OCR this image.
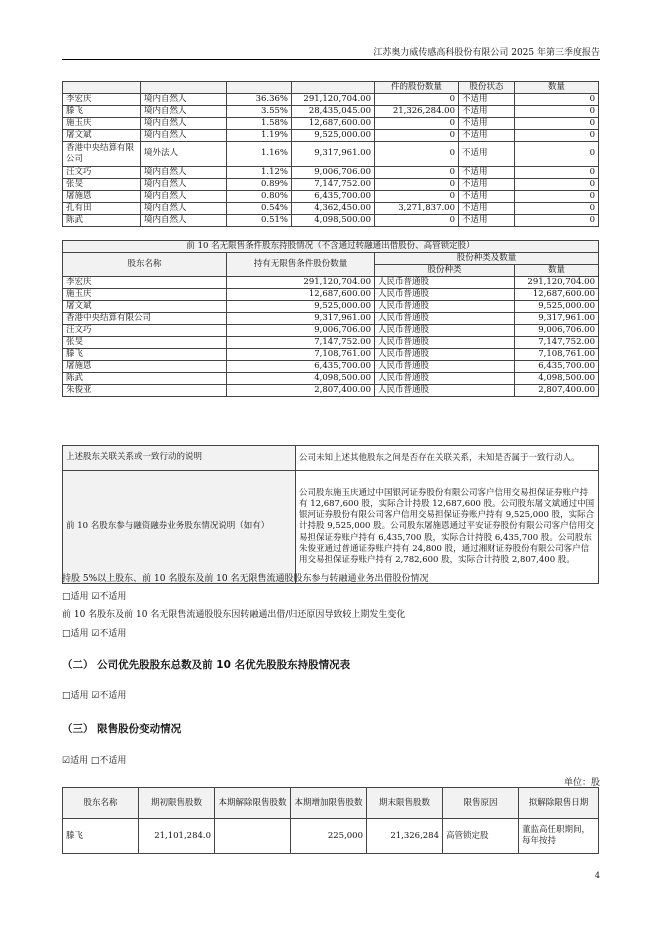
江苏奥力威传感高科股份有限公司 2025 年第三季度报告
				件的股份数量	股份状态	数量
李宏庆	境内自然人	36.36%	291,120,704.00	0	不适用	0
滕飞	境内自然人	3.55%	28,435,045.00	21,326,284.00	不适用	0
施玉庆	境内自然人	1.58%	12,687,600.00	0	不适用	0
屠文斌	境内自然人	1.19%	9,525,000.00	0	不适用	0
香港中央结算有限公司	境外法人	1.16%	9,317,961.00	0	不适用	0
汪文巧	境内自然人	1.12%	9,006,706.00	0	不适用	0
张旻	境内自然人	0.89%	7,147,752.00	0	不适用	0
屠施恩	境内自然人	0.80%	6,435,700.00	0	不适用	0
孔有田	境内自然人	0.54%	4,362,450.00	3,271,837.00	不适用	0
陈武	境内自然人	0.51%	4,098,500.00	0	不适用	0
前 10 名无限售条件股东持股情况（不含通过转融通出借股份、高管锁定股）			
股东名称	持有无限售条件股份数量	股份种类及数量	
		股份种类	数量
李宏庆	291,120,704.00	人民币普通股	291,120,704.00
施玉庆	12,687,600.00	人民币普通股	12,687,600.00
屠文斌	9,525,000.00	人民币普通股	9,525,000.00
香港中央结算有限公司	9,317,961.00	人民币普通股	9,317,961.00
汪文巧	9,006,706.00	人民币普通股	9,006,706.00
张旻	7,147,752.00	人民币普通股	7,147,752.00
滕飞	7,108,761.00	人民币普通股	7,108,761.00
屠施恩	6,435,700.00	人民币普通股	6,435,700.00
陈武	4,098,500.00	人民币普通股	4,098,500.00
朱俊亚	2,807,400.00	人民币普通股	2,807,400.00
上述股东关联关系或一致行动的说明	公司未知上述其他股东之间是否存在关联关系，未知是否属于一致行动人。
前 10 名股东参与融资融券业务股东情况说明（如有）	公司股东施玉庆通过中国银河证券股份有限公司客户信用交易担保证券账户持有 12,687,600 股，实际合计持股 12,687,600 股。公司股东屠文斌通过中国银河证券股份有限公司客户信用交易担保证券账户持有 9,525,000 股，实际合计持股 9,525,000 股。公司股东屠施恩通过平安证券股份有限公司客户信用交易担保证券账户持有 6,435,700 股，实际合计持股 6,435,700 股。公司股东朱俊亚通过普通证券账户持有 24,800 股，通过湘财证券股份有限公司客户信用交易担保证券账户持有 2,782,600 股，实际合计持股 2,807,400 股。
持股 5%以上股东、前 10 名股东及前 10 名无限售流通股股东参与转融通业务出借股份情况
□适用 ☑不适用
前 10 名股东及前 10 名无限售流通股股东因转融通出借/归还原因导致较上期发生变化
□适用 ☑不适用
（二） 公司优先股股东总数及前 10 名优先股股东持股情况表
□适用 ☑不适用
（三） 限售股份变动情况
☑适用 □不适用
单位：股
股东名称	期初限售股数	本期解除限售股数	本期增加限售股数	期末限售股数	限售原因	拟解除限售日期
滕飞	21,101,284.0		225,000	21,326,284	高管锁定股	董监高任职期间，每年按持
4
